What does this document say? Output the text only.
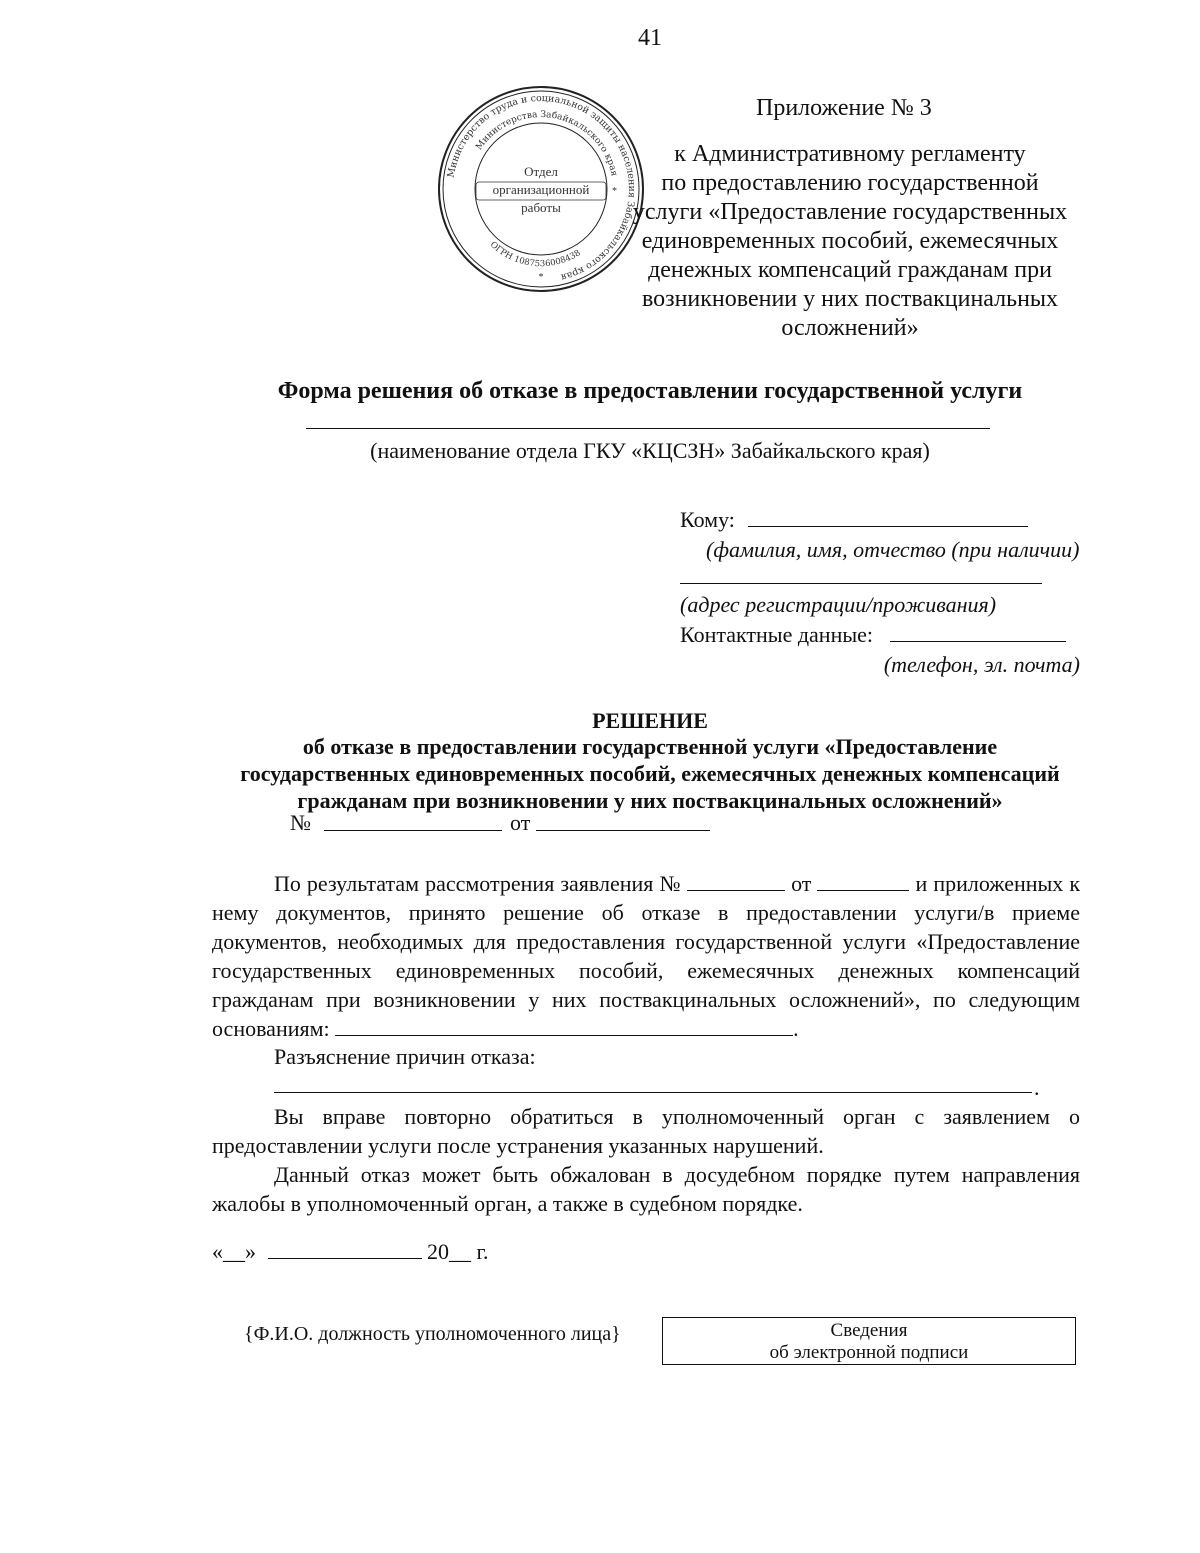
41
Министерство труда и социальной защиты населения Забайкальского края
Министерства Забайкальского края
ОГРН 1087536008438
Отдел
организационной
работы
*
*
Приложение № 3
к Административному регламенту
по предоставлению государственной
услуги «Предоставление государственных
единовременных пособий, ежемесячных
денежных компенсаций гражданам при
возникновении у них поствакцинальных
осложнений»
Форма решения об отказе в предоставлении государственной услуги
(наименование отдела ГКУ «КЦСЗН» Забайкальского края)
Кому:
(фамилия, имя, отчество (при наличии)
(адрес регистрации/проживания)
Контактные данные:
(телефон, эл. почта)
РЕШЕНИЕ
об отказе в предоставлении государственной услуги «Предоставление
государственных единовременных пособий, ежемесячных денежных компенсаций
гражданам при возникновении у них поствакцинальных осложнений»
№	от
По результатам рассмотрения заявления №	от	и приложенных к
нему документов, принято решение об отказе в предоставлении услуги/в приеме
документов, необходимых для предоставления государственной услуги «Предоставление
государственных единовременных пособий, ежемесячных денежных компенсаций
гражданам при возникновении у них поствакцинальных осложнений», по следующим
основаниям:	.
Разъяснение причин отказа:
.
Вы вправе повторно обратиться в уполномоченный орган с заявлением о
предоставлении услуги после устранения указанных нарушений.
Данный отказ может быть обжалован в досудебном порядке путем направления
жалобы в уполномоченный орган, а также в судебном порядке.
«__»	20__ г.
{Ф.И.О. должность уполномоченного лица}	Сведения
об электронной подписи
